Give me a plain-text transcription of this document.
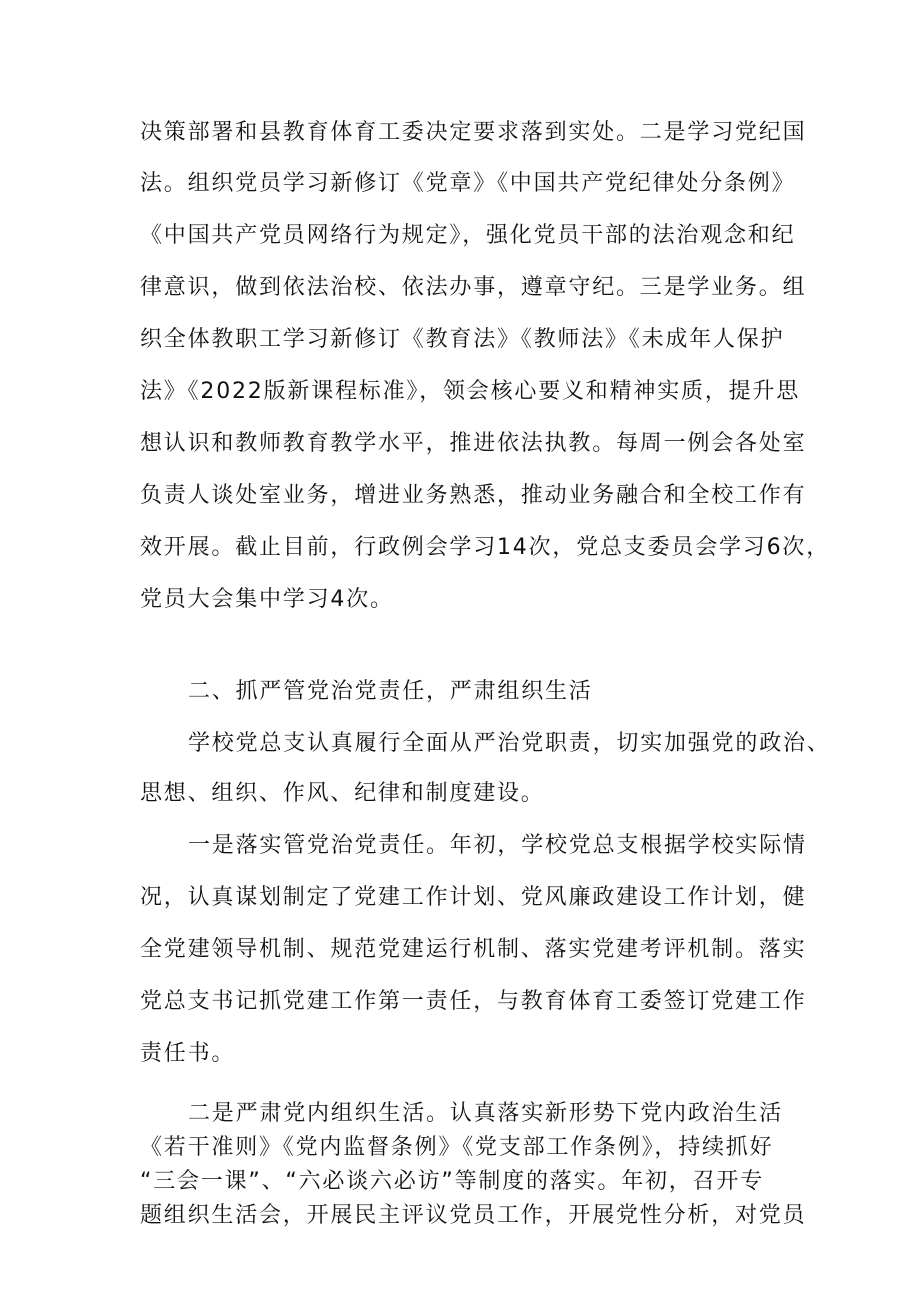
决策部署和县教育体育工委决定要求落到实处。二是学习党纪国
法。组织党员学习新修订《党章》《中国共产党纪律处分条例》
《中国共产党员网络行为规定》，强化党员干部的法治观念和纪
律意识，做到依法治校、依法办事，遵章守纪。三是学业务。组
织全体教职工学习新修订《教育法》《教师法》《未成年人保护
法》《2022版新课程标准》，领会核心要义和精神实质，提升思
想认识和教师教育教学水平，推进依法执教。每周一例会各处室
负责人谈处室业务，增进业务熟悉，推动业务融合和全校工作有
效开展。截止目前，行政例会学习14次，党总支委员会学习6次，
党员大会集中学习4次。
二、抓严管党治党责任，严肃组织生活
学校党总支认真履行全面从严治党职责，切实加强党的政治、
思想、组织、作风、纪律和制度建设。
一是落实管党治党责任。年初，学校党总支根据学校实际情
况，认真谋划制定了党建工作计划、党风廉政建设工作计划，健
全党建领导机制、规范党建运行机制、落实党建考评机制。落实
党总支书记抓党建工作第一责任，与教育体育工委签订党建工作
责任书。
二是严肃党内组织生活。认真落实新形势下党内政治生活
《若干准则》《党内监督条例》《党支部工作条例》，持续抓好
“三会一课”、“六必谈六必访”等制度的落实。年初，召开专
题组织生活会，开展民主评议党员工作，开展党性分析，对党员
